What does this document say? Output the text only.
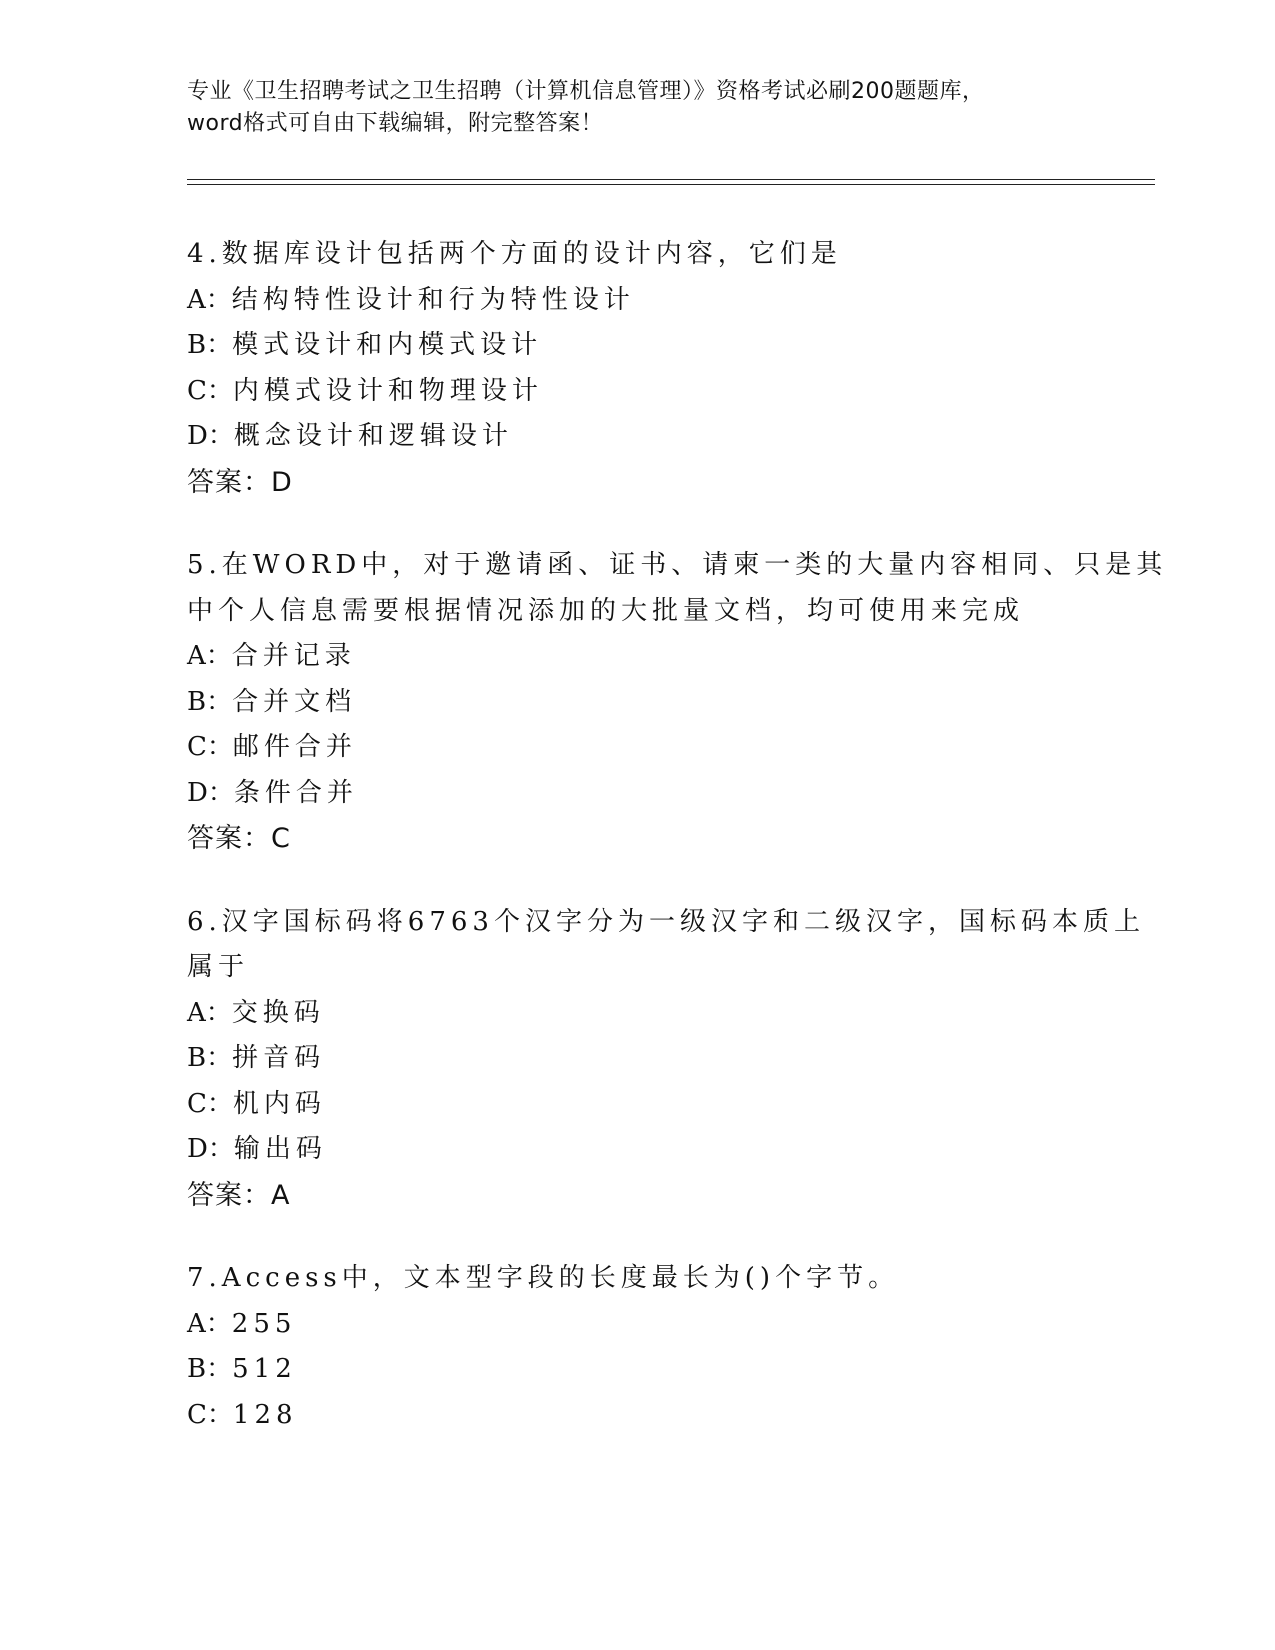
专业《卫生招聘考试之卫生招聘（计算机信息管理）》资格考试必刷200题题库，
word格式可自由下载编辑，附完整答案！
4.数据库设计包括两个方面的设计内容，它们是
A：结构特性设计和行为特性设计
B：模式设计和内模式设计
C：内模式设计和物理设计
D：概念设计和逻辑设计
答案：D
5.在WORD中，对于邀请函、证书、请柬一类的大量内容相同、只是其
中个人信息需要根据情况添加的大批量文档，均可使用来完成
A：合并记录
B：合并文档
C：邮件合并
D：条件合并
答案：C
6.汉字国标码将6763个汉字分为一级汉字和二级汉字，国标码本质上
属于
A：交换码
B：拼音码
C：机内码
D：输出码
答案：A
7.Access中，文本型字段的长度最长为()个字节。
A：255
B：512
C：128
